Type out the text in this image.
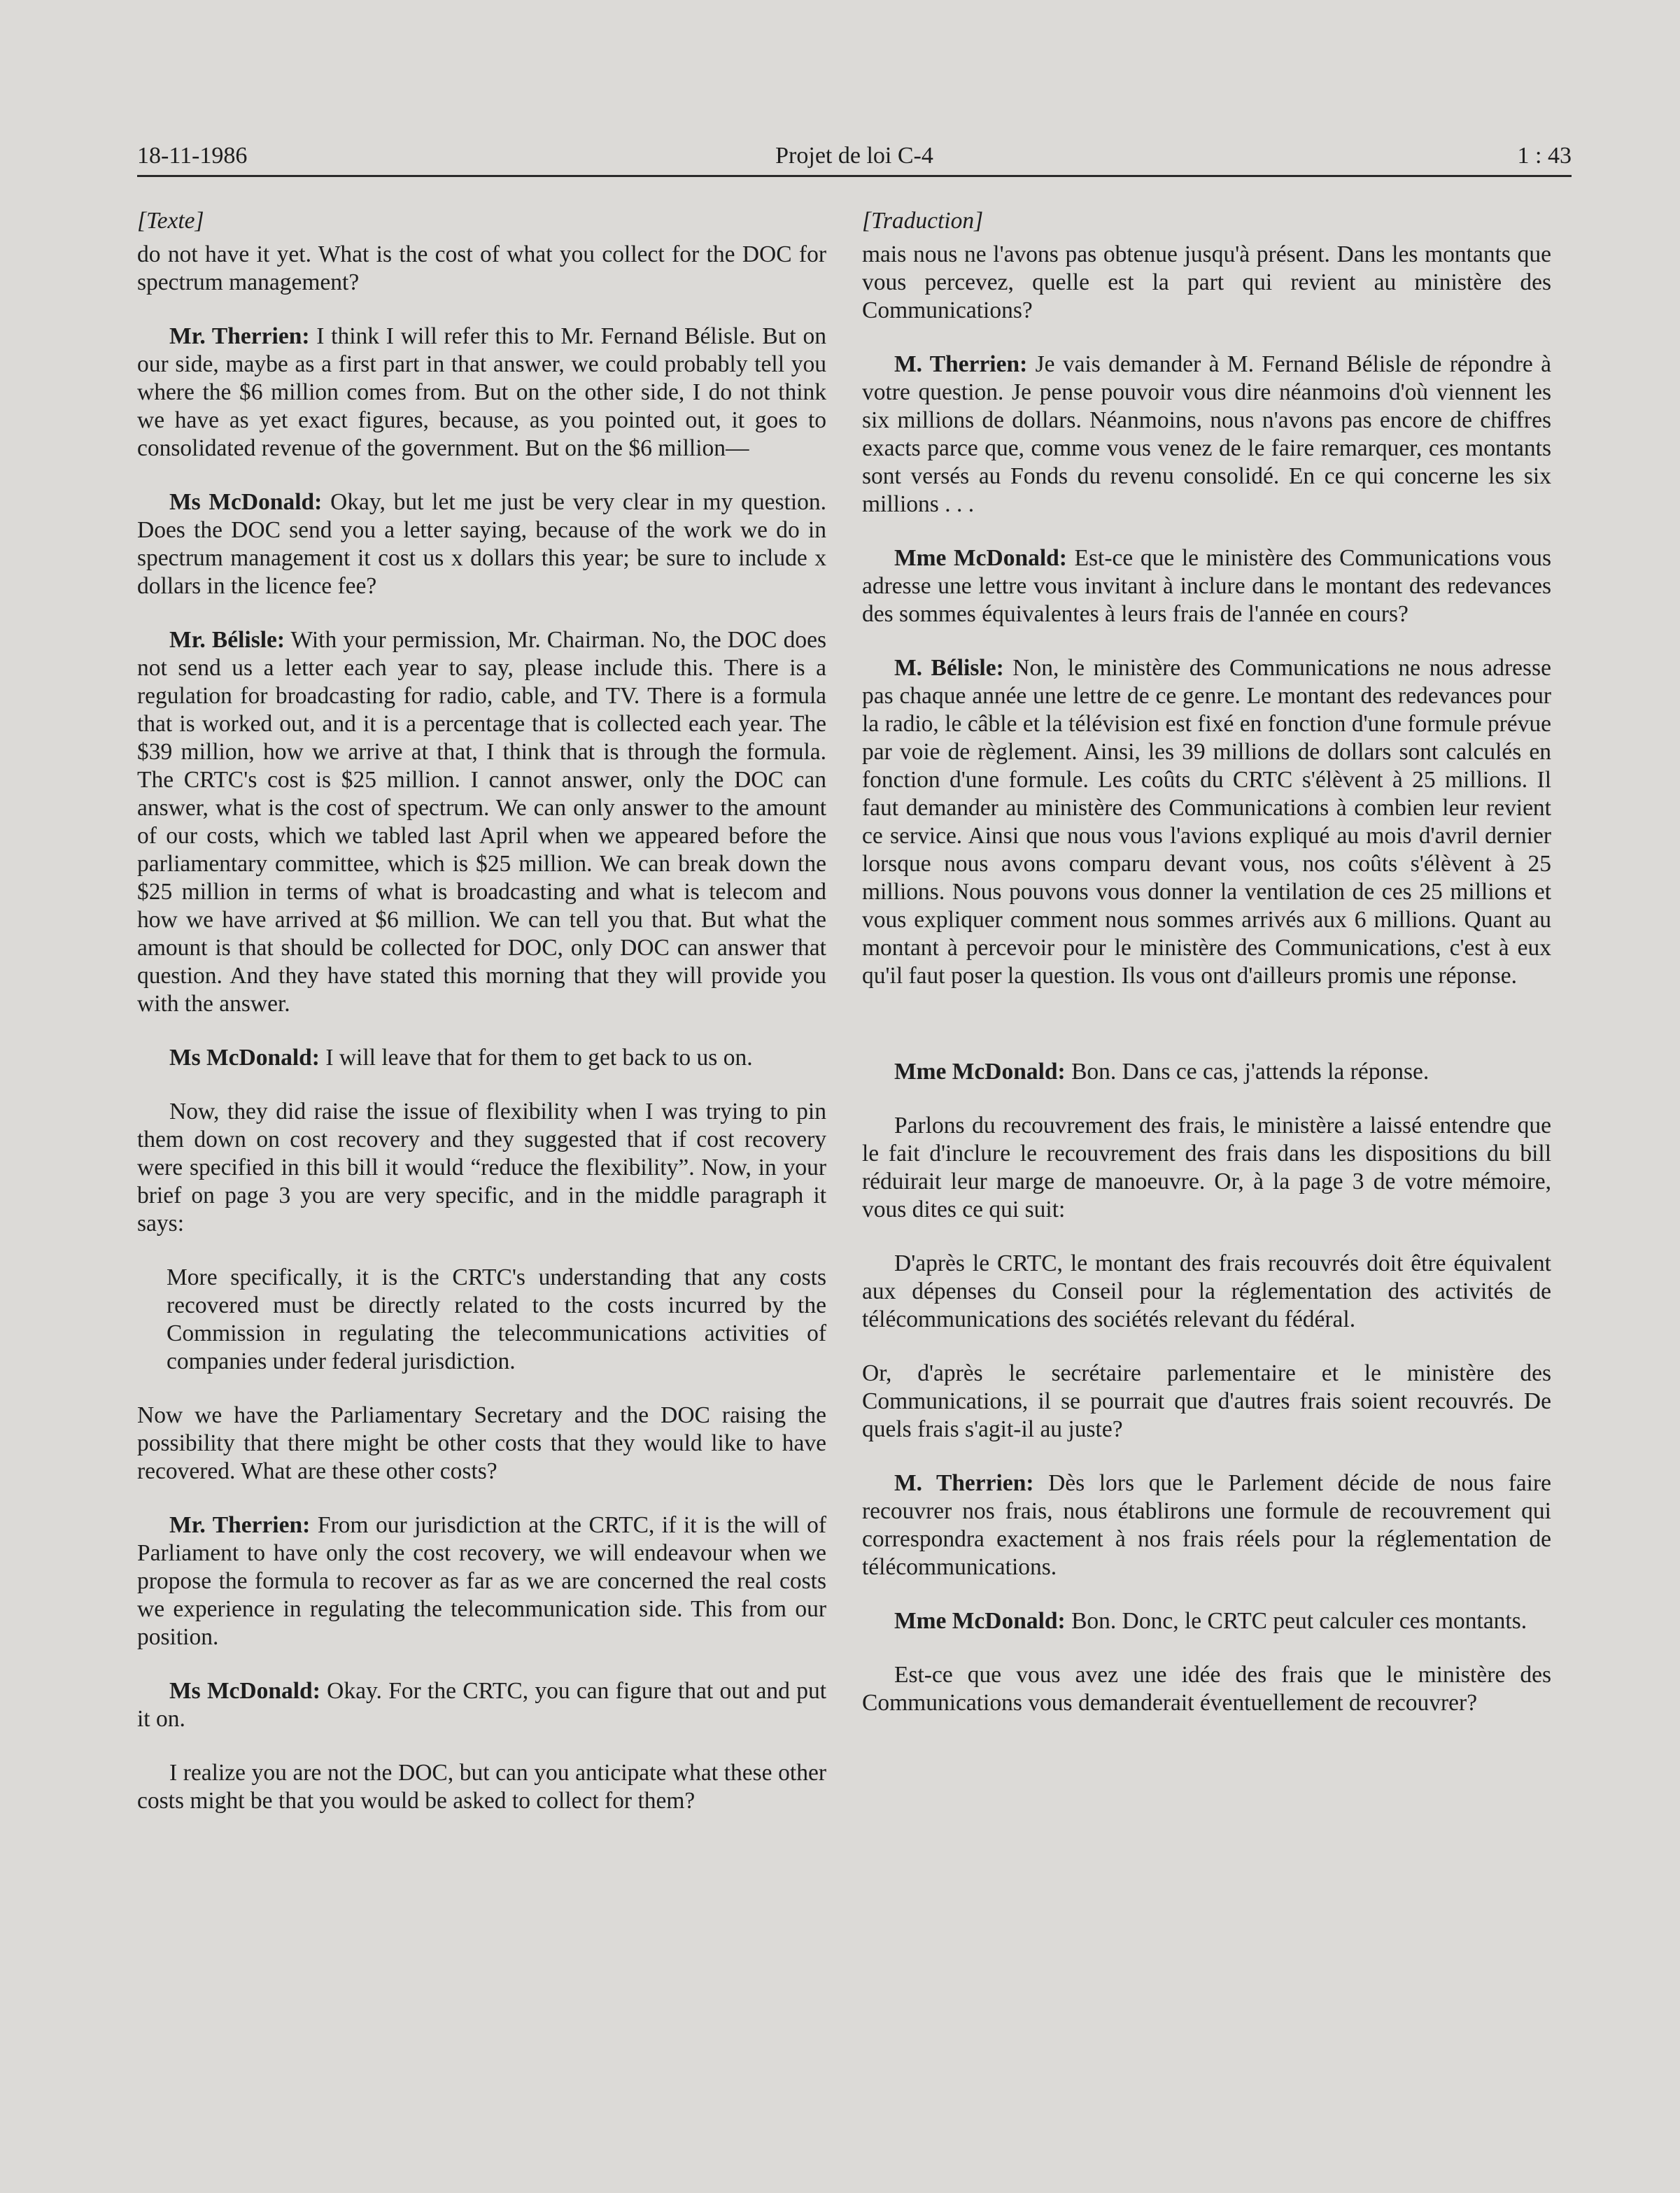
18-11-1986	Projet de loi C-4	1 : 43
[Texte]

do not have it yet. What is the cost of what you collect for the DOC for spectrum management?

Mr. Therrien: I think I will refer this to Mr. Fernand Bélisle. But on our side, maybe as a first part in that answer, we could probably tell you where the $6 million comes from. But on the other side, I do not think we have as yet exact figures, because, as you pointed out, it goes to consolidated revenue of the government. But on the $6 million—

Ms McDonald: Okay, but let me just be very clear in my question. Does the DOC send you a letter saying, because of the work we do in spectrum management it cost us x dollars this year; be sure to include x dollars in the licence fee?

Mr. Bélisle: With your permission, Mr. Chairman. No, the DOC does not send us a letter each year to say, please include this. There is a regulation for broadcasting for radio, cable, and TV. There is a formula that is worked out, and it is a percentage that is collected each year. The $39 million, how we arrive at that, I think that is through the formula. The CRTC's cost is $25 million. I cannot answer, only the DOC can answer, what is the cost of spectrum. We can only answer to the amount of our costs, which we tabled last April when we appeared before the parliamentary committee, which is $25 million. We can break down the $25 million in terms of what is broadcasting and what is telecom and how we have arrived at $6 million. We can tell you that. But what the amount is that should be collected for DOC, only DOC can answer that question. And they have stated this morning that they will provide you with the answer.

Ms McDonald: I will leave that for them to get back to us on.

Now, they did raise the issue of flexibility when I was trying to pin them down on cost recovery and they suggested that if cost recovery were specified in this bill it would “reduce the flexibility”. Now, in your brief on page 3 you are very specific, and in the middle paragraph it says:

More specifically, it is the CRTC's understanding that any costs recovered must be directly related to the costs incurred by the Commission in regulating the telecommunications activities of companies under federal jurisdiction.

Now we have the Parliamentary Secretary and the DOC raising the possibility that there might be other costs that they would like to have recovered. What are these other costs?

Mr. Therrien: From our jurisdiction at the CRTC, if it is the will of Parliament to have only the cost recovery, we will endeavour when we propose the formula to recover as far as we are concerned the real costs we experience in regulating the telecommunication side. This from our position.

Ms McDonald: Okay. For the CRTC, you can figure that out and put it on.

I realize you are not the DOC, but can you anticipate what these other costs might be that you would be asked to collect for them?

[Traduction]

mais nous ne l'avons pas obtenue jusqu'à présent. Dans les montants que vous percevez, quelle est la part qui revient au ministère des Communications?

M. Therrien: Je vais demander à M. Fernand Bélisle de répondre à votre question. Je pense pouvoir vous dire néanmoins d'où viennent les six millions de dollars. Néanmoins, nous n'avons pas encore de chiffres exacts parce que, comme vous venez de le faire remarquer, ces montants sont versés au Fonds du revenu consolidé. En ce qui concerne les six millions . . .

Mme McDonald: Est-ce que le ministère des Communications vous adresse une lettre vous invitant à inclure dans le montant des redevances des sommes équivalentes à leurs frais de l'année en cours?

M. Bélisle: Non, le ministère des Communications ne nous adresse pas chaque année une lettre de ce genre. Le montant des redevances pour la radio, le câble et la télévision est fixé en fonction d'une formule prévue par voie de règlement. Ainsi, les 39 millions de dollars sont calculés en fonction d'une formule. Les coûts du CRTC s'élèvent à 25 millions. Il faut demander au ministère des Communications à combien leur revient ce service. Ainsi que nous vous l'avions expliqué au mois d'avril dernier lorsque nous avons comparu devant vous, nos coûts s'élèvent à 25 millions. Nous pouvons vous donner la ventilation de ces 25 millions et vous expliquer comment nous sommes arrivés aux 6 millions. Quant au montant à percevoir pour le ministère des Communications, c'est à eux qu'il faut poser la question. Ils vous ont d'ailleurs promis une réponse.

Mme McDonald: Bon. Dans ce cas, j'attends la réponse.

Parlons du recouvrement des frais, le ministère a laissé entendre que le fait d'inclure le recouvrement des frais dans les dispositions du bill réduirait leur marge de manoeuvre. Or, à la page 3 de votre mémoire, vous dites ce qui suit:

D'après le CRTC, le montant des frais recouvrés doit être équivalent aux dépenses du Conseil pour la réglementation des activités de télécommunications des sociétés relevant du fédéral.

Or, d'après le secrétaire parlementaire et le ministère des Communications, il se pourrait que d'autres frais soient recouvrés. De quels frais s'agit-il au juste?

M. Therrien: Dès lors que le Parlement décide de nous faire recouvrer nos frais, nous établirons une formule de recouvrement qui correspondra exactement à nos frais réels pour la réglementation de télécommunications.

Mme McDonald: Bon. Donc, le CRTC peut calculer ces montants.

Est-ce que vous avez une idée des frais que le ministère des Communications vous demanderait éventuellement de recouvrer?
